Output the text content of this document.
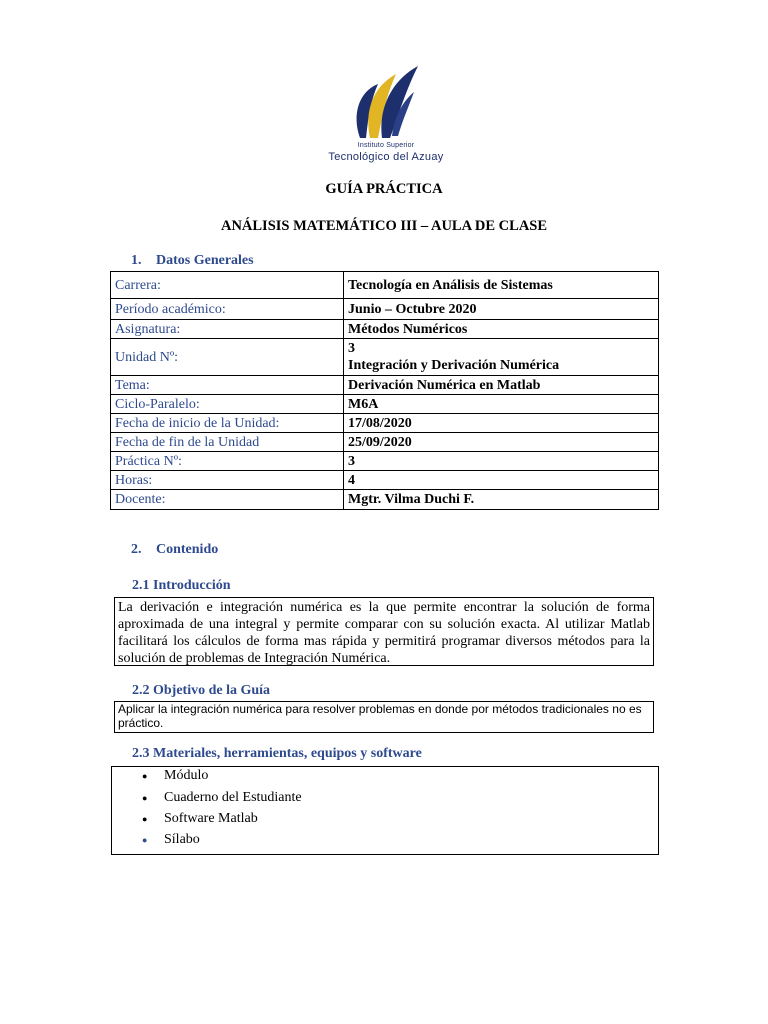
Instituto Superior
Tecnológico del Azuay
GUÍA PRÁCTICA
ANÁLISIS MATEMÁTICO III – AULA DE CLASE
1. Datos Generales
Carrera:	Tecnología en Análisis de Sistemas
Período académico:	Junio – Octubre 2020
Asignatura:	Métodos Numéricos
Unidad Nº:	3
Integración y Derivación Numérica

Tema:	Derivación Numérica en Matlab
Ciclo-Paralelo:	M6A
Fecha de inicio de la Unidad:	17/08/2020
Fecha de fin de la Unidad	25/09/2020
Práctica Nº:	3
Horas:	4
Docente:	Mgtr. Vilma Duchi F.
2. Contenido
2.1 Introducción
La derivación e integración numérica es la que permite encontrar la solución de forma aproximada de una integral y permite comparar con su solución exacta. Al utilizar Matlab facilitará los cálculos de forma mas rápida y permitirá programar diversos métodos para la solución de problemas de Integración Numérica.
2.2 Objetivo de la Guía
Aplicar la integración numérica para resolver problemas en donde por métodos tradicionales no es práctico.
2.3 Materiales, herramientas, equipos y software
● Módulo
● Cuaderno del Estudiante
● Software Matlab
● Sílabo
